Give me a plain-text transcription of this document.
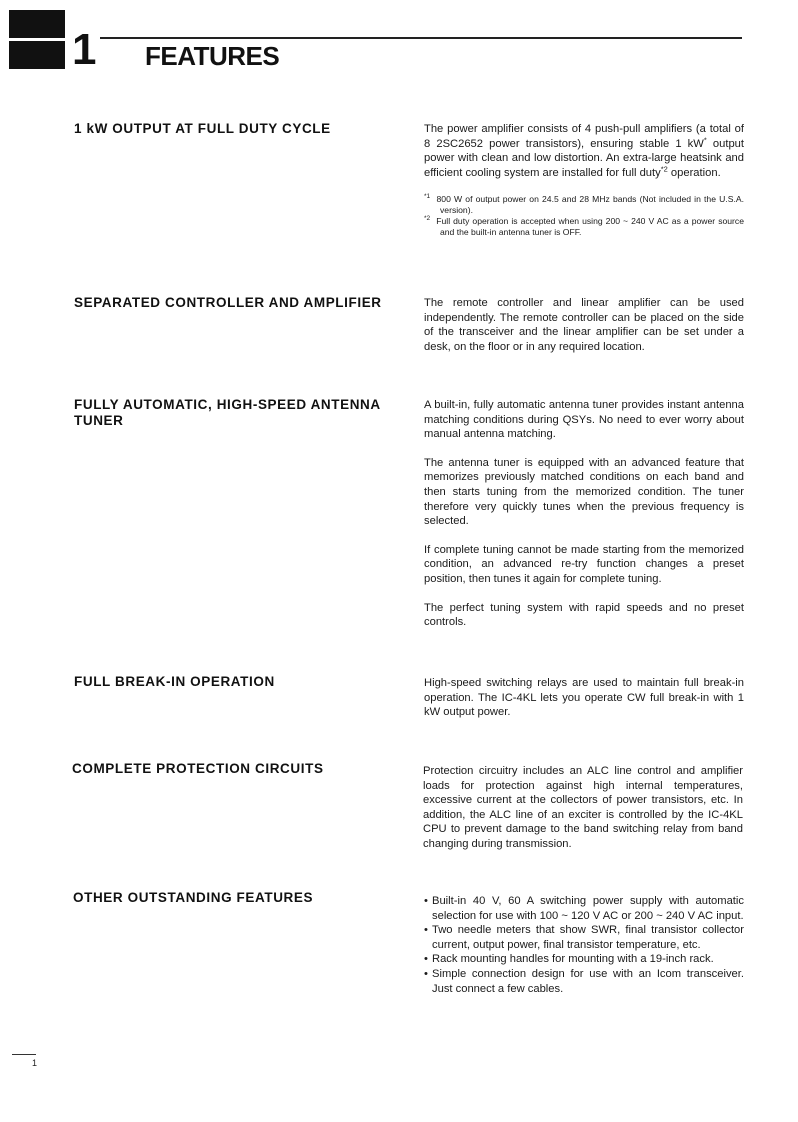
1 FEATURES
1 kW OUTPUT AT FULL DUTY CYCLE	The power amplifier consists of 4 push-pull amplifiers (a total of 8 2SC2652 power transistors), ensuring stable 1 kW* output power with clean and low distortion. An extra-large heatsink and efficient cooling system are installed for full duty$^{*2}$ operation.

$^{*1}$ 800 W of output power on 24.5 and 28 MHz bands (Not included in the U.S.A. version).
$^{*2}$ Full duty operation is accepted when using 200 ~ 240 V AC as a power source and the built-in antenna tuner is OFF.
SEPARATED CONTROLLER AND AMPLIFIER	The remote controller and linear amplifier can be used independently. The remote controller can be placed on the side of the transceiver and the linear amplifier can be set under a desk, on the floor or in any required location.

FULLY AUTOMATIC, HIGH-SPEED ANTENNA TUNER

A built-in, fully automatic antenna tuner provides instant antenna matching conditions during QSYs. No need to ever worry about manual antenna matching.

The antenna tuner is equipped with an advanced feature that memorizes previously matched conditions on each band and then starts tuning from the memorized condition. The tuner therefore very quickly tunes when the previous frequency is selected.

If complete tuning cannot be made starting from the memorized condition, an advanced re-try function changes a preset position, then tunes it again for complete tuning.

The perfect tuning system with rapid speeds and no preset controls.

FULL BREAK-IN OPERATION	High-speed switching relays are used to maintain full break-in operation. The IC-4KL lets you operate CW full break-in with 1 kW output power.

COMPLETE PROTECTION CIRCUITS	Protection circuitry includes an ALC line control and amplifier loads for protection against high internal temperatures, excessive current at the collectors of power transistors, etc. In addition, the ALC line of an exciter is controlled by the IC-4KL CPU to prevent damage to the band switching relay from band changing during transmission.

OTHER OUTSTANDING FEATURES	• Built-in 40 V, 60 A switching power supply with automatic selection for use with 100 ~ 120 V AC or 200 ~ 240 V AC input.
• Two needle meters that show SWR, final transistor collector current, output power, final transistor temperature, etc.
• Rack mounting handles for mounting with a 19-inch rack.
• Simple connection design for use with an Icom transceiver. Just connect a few cables.
1
